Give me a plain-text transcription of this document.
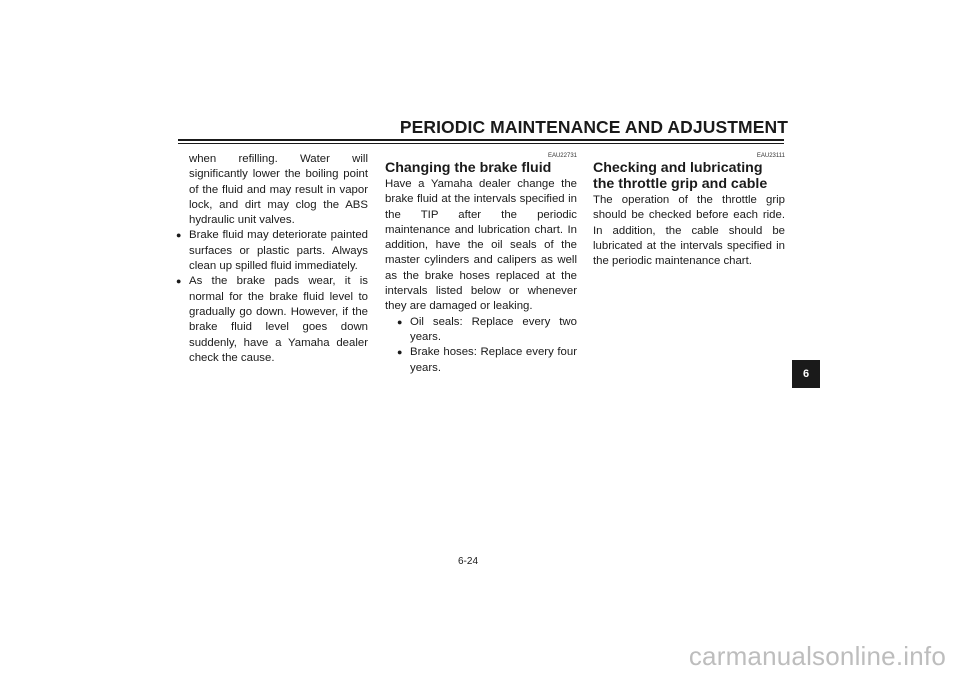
PERIODIC MAINTENANCE AND ADJUSTMENT
when refilling. Water will significantly lower the boiling point of the fluid and may result in vapor lock, and dirt may clog the ABS hydraulic unit valves.
● Brake fluid may deteriorate painted surfaces or plastic parts. Always clean up spilled fluid immediately.
● As the brake pads wear, it is normal for the brake fluid level to gradually go down. However, if the brake fluid level goes down suddenly, have a Yamaha dealer check the cause.
EAU22731
Changing the brake fluid
Have a Yamaha dealer change the brake fluid at the intervals specified in the TIP after the periodic maintenance and lubrication chart. In addition, have the oil seals of the master cylinders and calipers as well as the brake hoses replaced at the intervals listed below or whenever they are damaged or leaking.
● Oil seals: Replace every two years.
● Brake hoses: Replace every four years.
EAU23111
Checking and lubricating the throttle grip and cable
The operation of the throttle grip should be checked before each ride. In addition, the cable should be lubricated at the intervals specified in the periodic maintenance chart.
6
6-24
carmanualsonline.info
